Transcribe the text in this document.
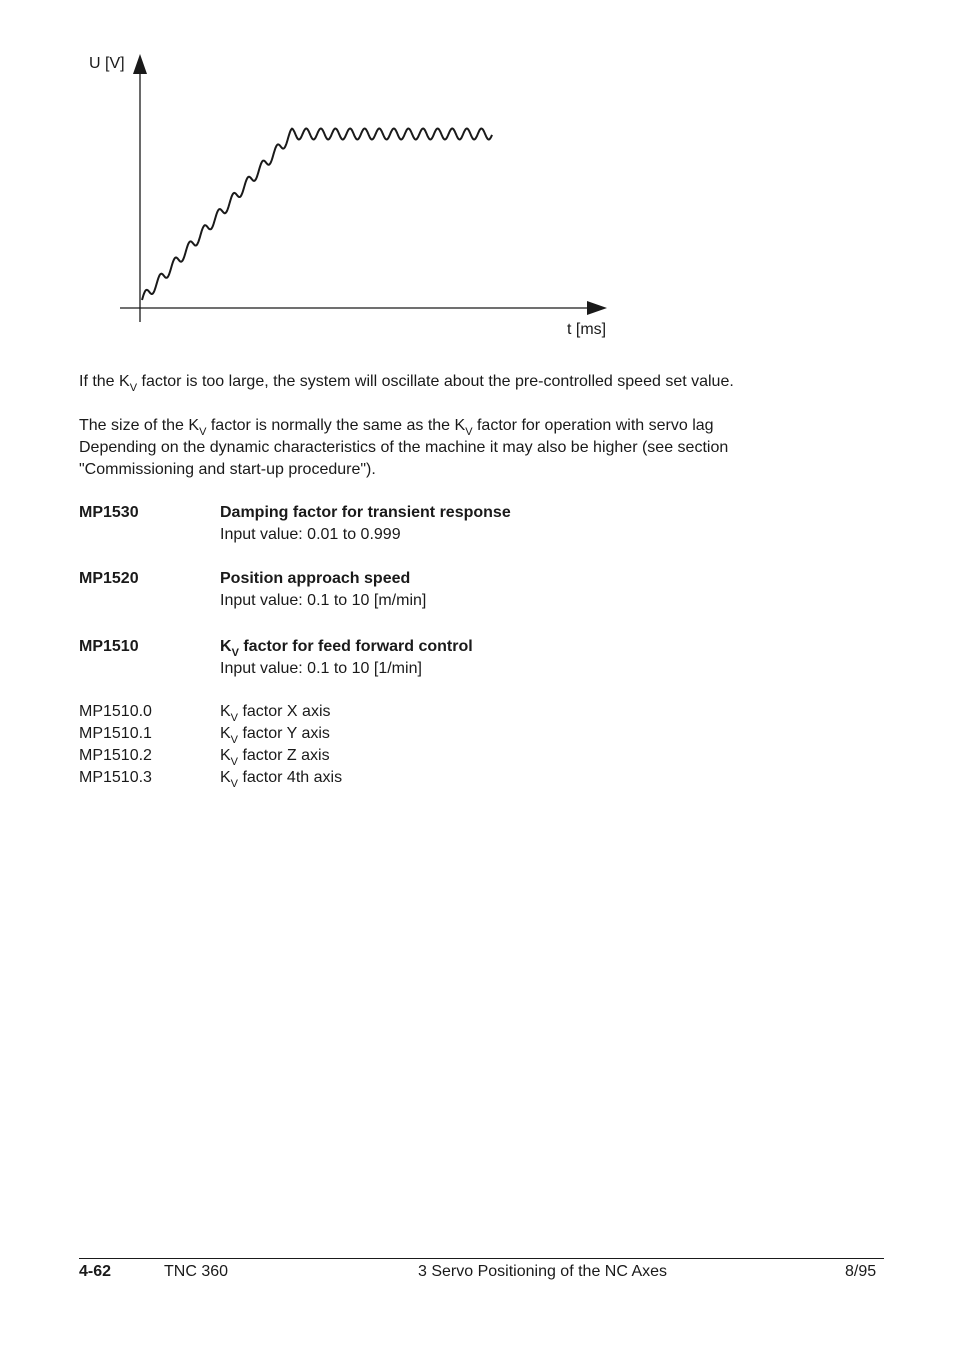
U [V]
t [ms]
If the $K_V$ factor is too large, the system will oscillate about the pre-controlled speed set value.
The size of the $K_V$ factor is normally the same as the $K_V$ factor for operation with servo lag
Depending on the dynamic characteristics of the machine it may also be higher (see section
"Commissioning and start-up procedure").
MP1530	Damping factor for transient response
Input value: 0.01 to 0.999
MP1520	Position approach speed
Input value: 0.1 to 10 [m/min]
MP1510	$K_V$ factor for feed forward control
Input value: 0.1 to 10 [1/min]
MP1510.0	$K_V$ factor X axis
MP1510.1	$K_V$ factor Y axis
MP1510.2	$K_V$ factor Z axis
MP1510.3	$K_V$ factor 4th axis
4-62	TNC 360	3 Servo Positioning of the NC Axes	8/95
